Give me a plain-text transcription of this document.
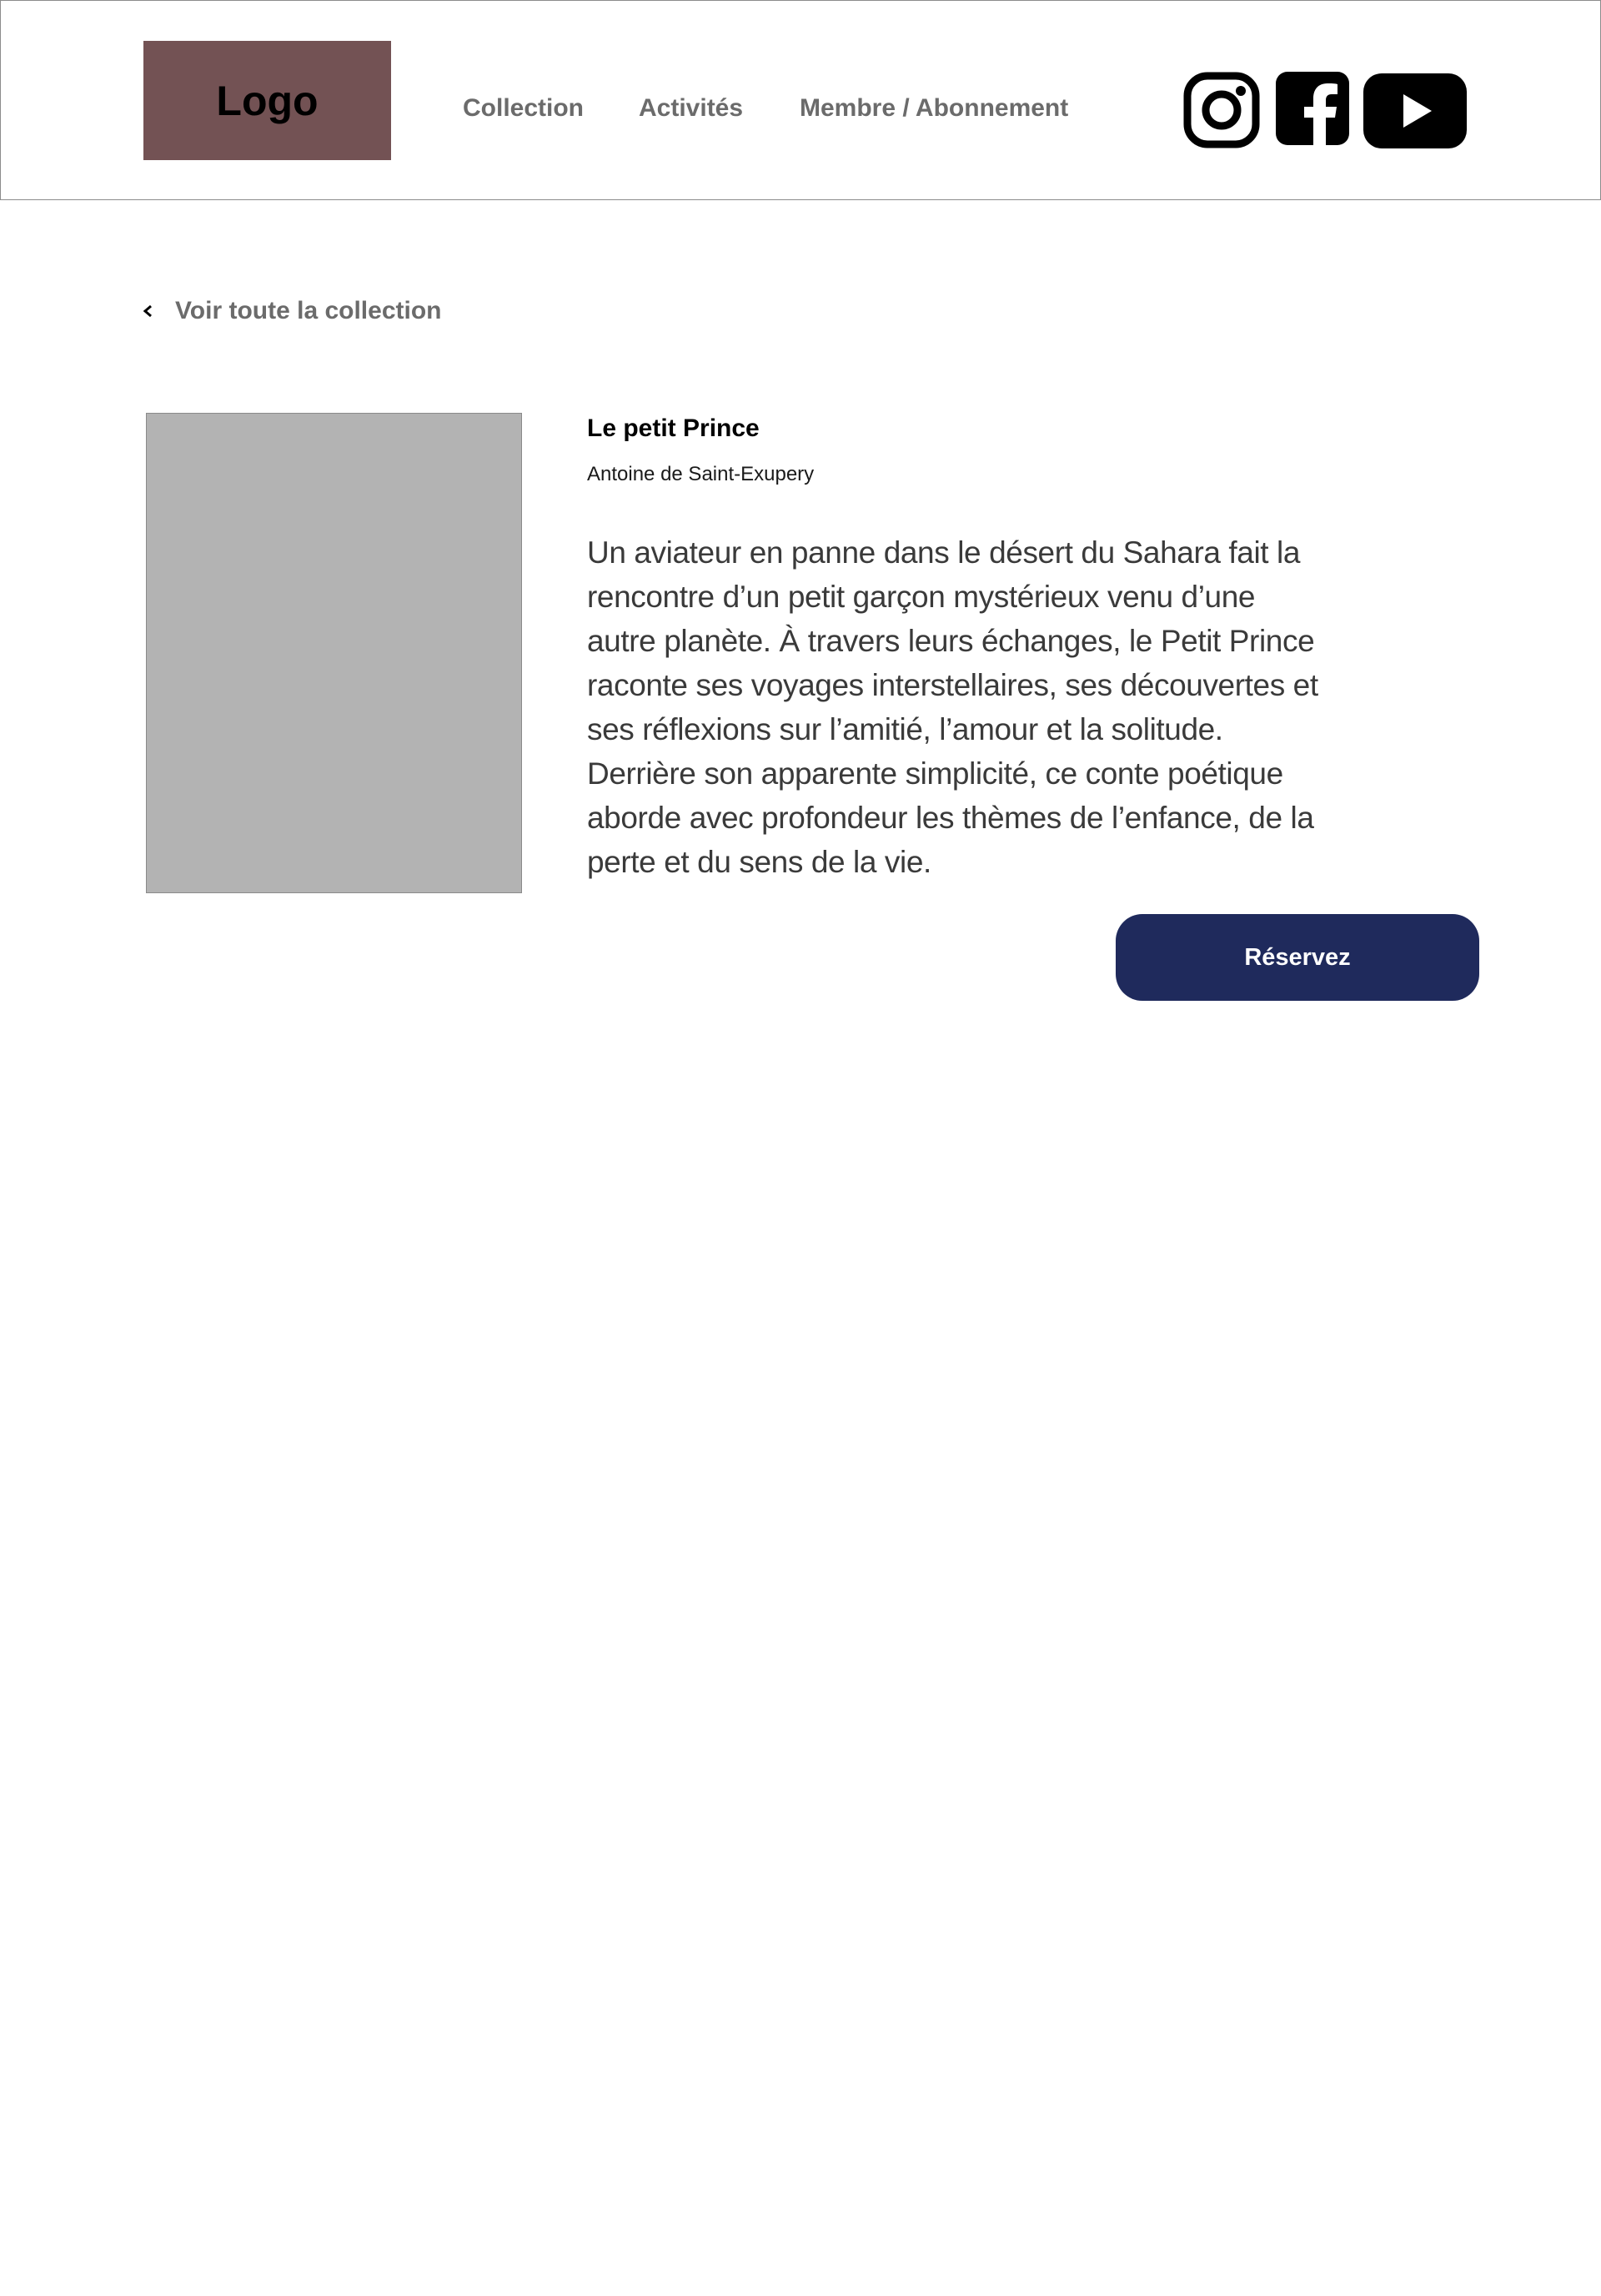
Logo	Collection Activités Membre / Abonnement
Voir toute la collection
Le petit Prince
Antoine de Saint-Exupery
Un aviateur en panne dans le désert du Sahara fait la rencontre d’un petit garçon mystérieux venu d’une autre planète. À travers leurs échanges, le Petit Prince raconte ses voyages interstellaires, ses découvertes et ses réflexions sur l’amitié, l’amour et la solitude. Derrière son apparente simplicité, ce conte poétique aborde avec profondeur les thèmes de l’enfance, de la perte et du sens de la vie.
Réservez
